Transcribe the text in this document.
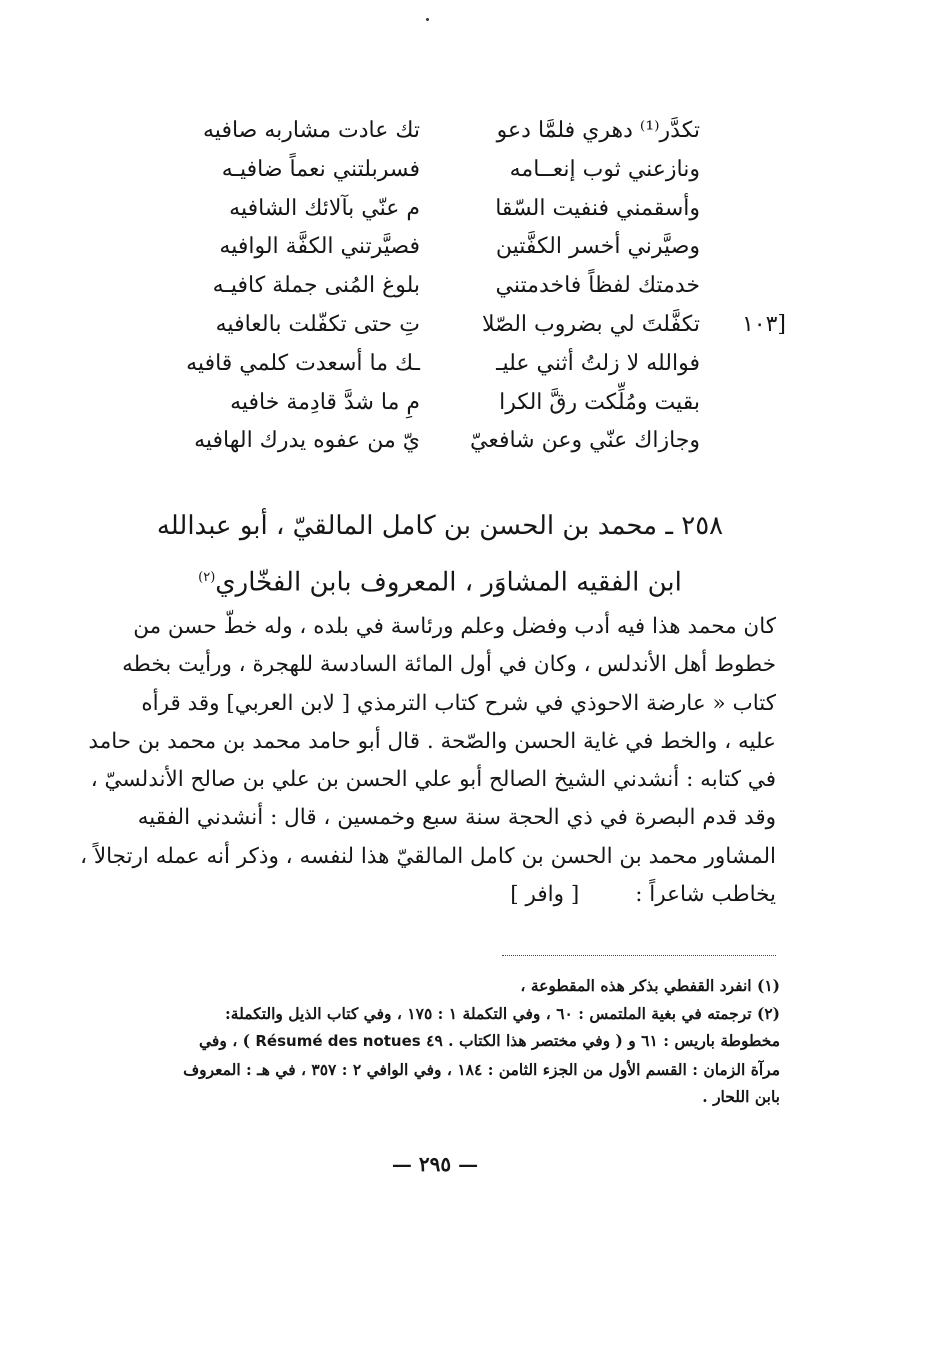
تكدَّر⁽¹⁾ دهري فلمَّا دعو
تك عادت مشاربه صافيه
ونازعني ثوب إنعــامه
فسربلتني نعماً ضافيـه
وأسقمني فنفيت السّقا
م عنّي بآلائك الشافيه
وصيَّرني أخسر الكفَّتين
فصيَّرتني الكفَّة الوافيه
خدمتك لفظاً فاخدمتني
بلوغ المُنى جملة كافيـه
[١٠٣
تكفَّلتَ لي بضروب الصّلا
تِ حتى تكفّلت بالعافيه
فوالله لا زلتُ أثني عليـ
ـك ما أسعدت كلمي قافيه
بقيت ومُلِّكت رقَّ الكرا
مِ ما شدَّ قادِمة خافيه
وجازاك عنّي وعن شافعيّ
يّ من عفوه يدرك الهافيه
٢٥٨ ـ محمد بن الحسن بن كامل المالقيّ ، أبو عبدالله
ابن الفقيه المشاوَر ، المعروف بابن الفخّاري$^{(٢)}$
كان محمد هذا فيه أدب وفضل وعلم ورئاسة في بلده ، وله خطّ حسن من
خطوط أهل الأندلس ، وكان في أول المائة السادسة للهجرة ، ورأيت بخطه
كتاب « عارضة الاحوذي في شرح كتاب الترمذي [ لابن العربي] وقد قرأه
عليه ، والخط في غاية الحسن والصّحة . قال أبو حامد محمد بن محمد بن حامد
في كتابه : أنشدني الشيخ الصالح أبو علي الحسن بن علي بن صالح الأندلسيّ ،
وقد قدم البصرة في ذي الحجة سنة سبع وخمسين ، قال : أنشدني الفقيه
المشاور محمد بن الحسن بن كامل المالقيّ هذا لنفسه ، وذكر أنه عمله ارتجالاً ،
يخاطب شاعراً :[ وافر ]
(١) انفرد القفطي بذكر هذه المقطوعة ،
(٢) ترجمته في بغية الملتمس : ٦٠ ، وفي التكملة ١ : ١٧٥ ، وفي كتاب الذيل والتكملة:
مخطوطة باريس : ٦١ و ( وفي مختصر هذا الكتاب . ٤٩ Résumé des notues ) ، وفي
مرآة الزمان : القسم الأول من الجزء الثامن : ١٨٤ ، وفي الوافي ٢ : ٣٥٧ ، في هـ : المعروف
بابن اللحار .
— ٢٩٥ —
